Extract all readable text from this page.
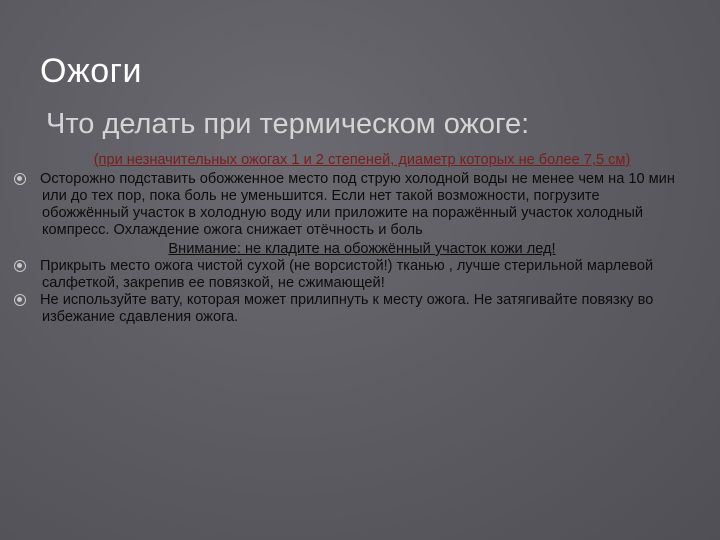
Ожоги
Что делать при термическом ожоге:
(при незначительных ожогах 1 и 2 степеней, диаметр которых не более 7,5 см)

Осторожно подставить обожженное место под струю холодной воды не менее чем на 10 мин или до тех пор, пока боль не уменьшится. Если нет такой возможности, погрузите обожжённый участок в холодную воду или приложите на поражённый участок холодный компресс. Охлаждение ожога снижает отёчность и боль

Внимание: не кладите на обожжённый участок кожи лед!

Прикрыть место ожога чистой сухой (не ворсистой!) тканью , лучше стерильной марлевой салфеткой, закрепив ее повязкой, не сжимающей!

Не используйте вату, которая может прилипнуть к месту ожога. Не затягивайте повязку во избежание сдавления ожога.
